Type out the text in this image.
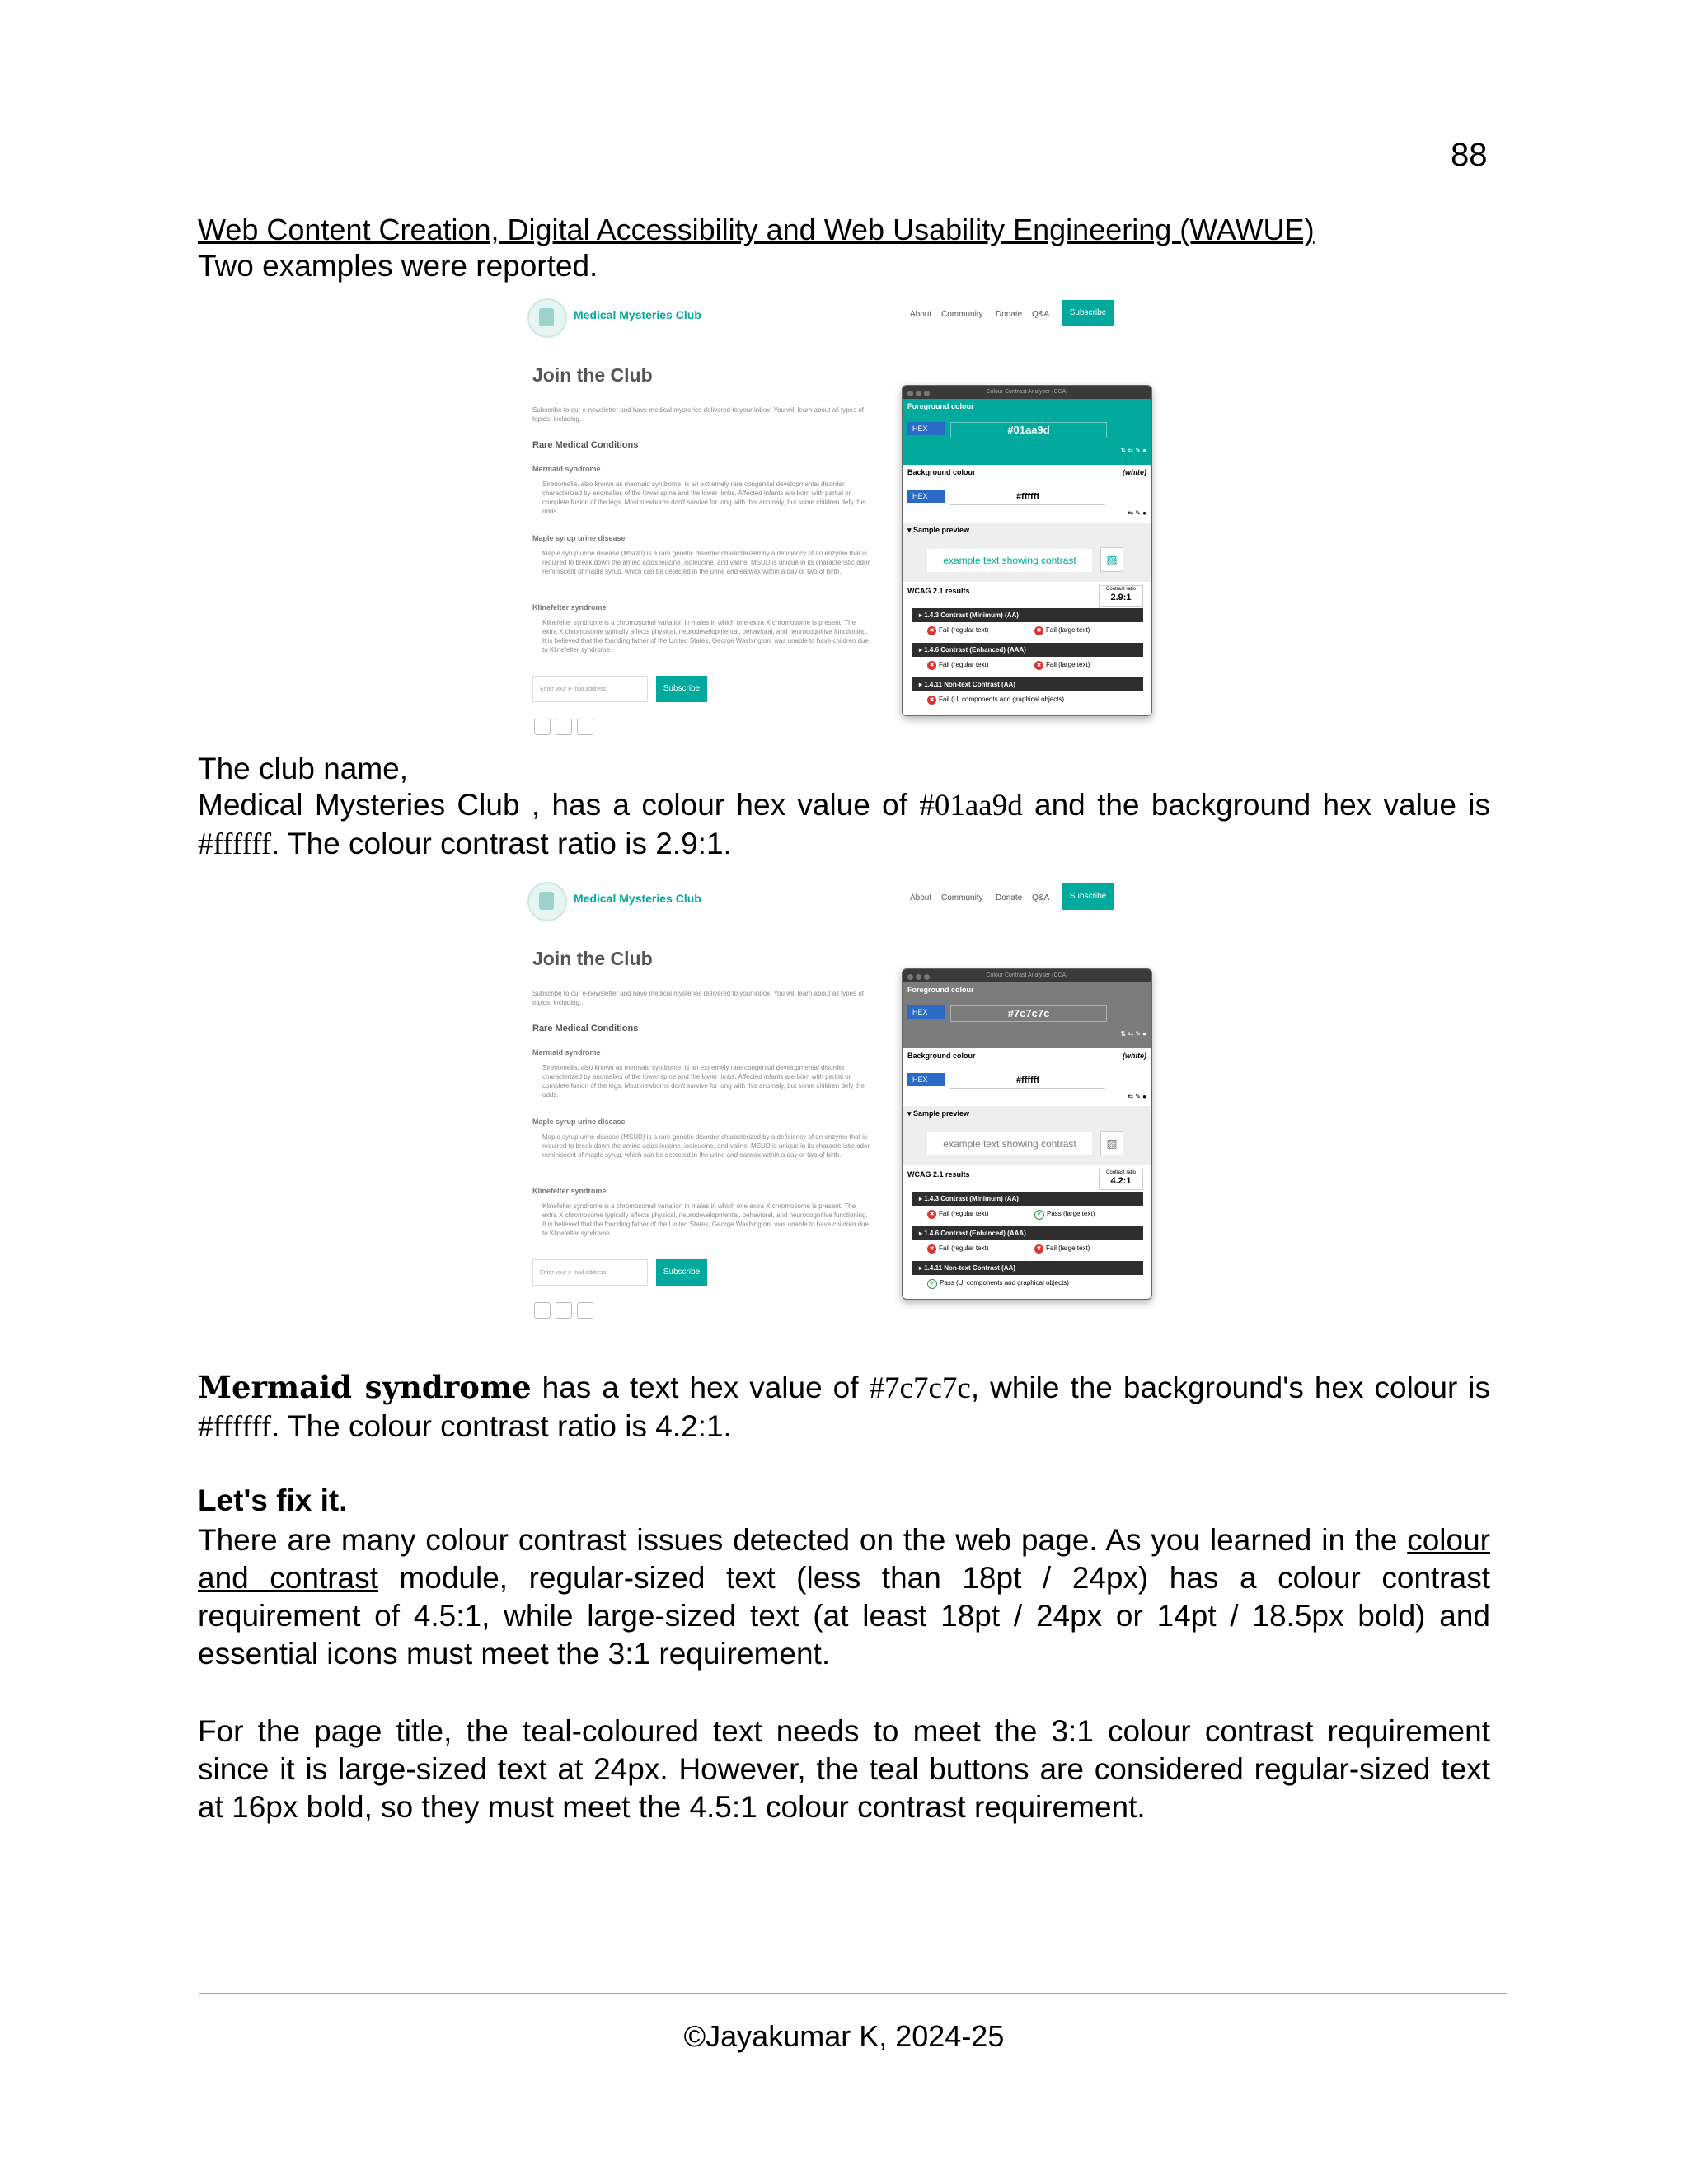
88
Web Content Creation, Digital Accessibility and Web Usability Engineering (WAWUE)
Two examples were reported.
Medical Mysteries Club	About Community Donate Q&A	Subscribe
Join the Club
Subscribe to our e-newsletter and have medical mysteries delivered to your inbox! You will learn about all types of topics, including...
Rare Medical Conditions
Mermaid syndrome
Sirenomelia, also known as mermaid syndrome, is an extremely rare congenital developmental disorder characterized by anomalies of the lower spine and the lower limbs. Affected infants are born with partial or complete fusion of the legs. Most newborns don't survive for long with this anomaly, but some children defy the odds.
Maple syrup urine disease
Maple syrup urine disease (MSUD) is a rare genetic disorder characterized by a deficiency of an enzyme that is required to break down the amino acids leucine, isoleucine, and valine. MSUD is unique in its characteristic odor, reminiscent of maple syrup, which can be detected in the urine and earwax within a day or two of birth.
Klinefelter syndrome
Klinefelter syndrome is a chromosomal variation in males in which one extra X chromosome is present. The extra X chromosome typically affects physical, neurodevelopmental, behavioral, and neurocognitive functioning. It is believed that the founding father of the United States, George Washington, was unable to have children due to Klinefelter syndrome.
Enter your e-mail address	Subscribe
Colour Contrast Analyser (CCA)
Foreground colour
HEX	#01aa9d
⇅ ⇆ ✎ ●
Background colour	(white)
HEX	#ffffff
⇆ ✎ ●
▾ Sample preview
example text showing contrast	▨
WCAG 2.1 results	Contrast ratio
2.9:1
▸ 1.4.3 Contrast (Minimum) (AA)
✖ Fail (regular text)	✖ Fail (large text)
▸ 1.4.6 Contrast (Enhanced) (AAA)
✖ Fail (regular text)	✖ Fail (large text)
▸ 1.4.11 Non-text Contrast (AA)
✖ Fail (UI components and graphical objects)
The club name,
Medical Mysteries Club , has a colour hex value of #01aa9d and the background hex value is #ffffff. The colour contrast ratio is 2.9:1.
Medical Mysteries Club	About Community Donate Q&A	Subscribe
Join the Club
Subscribe to our e-newsletter and have medical mysteries delivered to your inbox! You will learn about all types of topics, including...
Rare Medical Conditions
Mermaid syndrome
Sirenomelia, also known as mermaid syndrome, is an extremely rare congenital developmental disorder characterized by anomalies of the lower spine and the lower limbs. Affected infants are born with partial or complete fusion of the legs. Most newborns don't survive for long with this anomaly, but some children defy the odds.
Maple syrup urine disease
Maple syrup urine disease (MSUD) is a rare genetic disorder characterized by a deficiency of an enzyme that is required to break down the amino acids leucine, isoleucine, and valine. MSUD is unique in its characteristic odor, reminiscent of maple syrup, which can be detected in the urine and earwax within a day or two of birth.
Klinefelter syndrome
Klinefelter syndrome is a chromosomal variation in males in which one extra X chromosome is present. The extra X chromosome typically affects physical, neurodevelopmental, behavioral, and neurocognitive functioning. It is believed that the founding father of the United States, George Washington, was unable to have children due to Klinefelter syndrome.
Enter your e-mail address	Subscribe
Colour Contrast Analyser (CCA)
Foreground colour
HEX	#7c7c7c
⇅ ⇆ ✎ ●
Background colour	(white)
HEX	#ffffff
⇆ ✎ ●
▾ Sample preview
example text showing contrast	▨
WCAG 2.1 results	Contrast ratio
4.2:1
▸ 1.4.3 Contrast (Minimum) (AA)
✖ Fail (regular text)	✔ Pass (large text)
▸ 1.4.6 Contrast (Enhanced) (AAA)
✖ Fail (regular text)	✖ Fail (large text)
▸ 1.4.11 Non-text Contrast (AA)
✔ Pass (UI components and graphical objects)
Mermaid syndrome has a text hex value of #7c7c7c, while the background's hex colour is #ffffff. The colour contrast ratio is 4.2:1.
Let's fix it.
There are many colour contrast issues detected on the web page. As you learned in the colour and contrast module, regular-sized text (less than 18pt / 24px) has a colour contrast requirement of 4.5:1, while large-sized text (at least 18pt / 24px or 14pt / 18.5px bold) and essential icons must meet the 3:1 requirement.
For the page title, the teal-coloured text needs to meet the 3:1 colour contrast requirement since it is large-sized text at 24px. However, the teal buttons are considered regular-sized text at 16px bold, so they must meet the 4.5:1 colour contrast requirement.
©Jayakumar K, 2024-25
